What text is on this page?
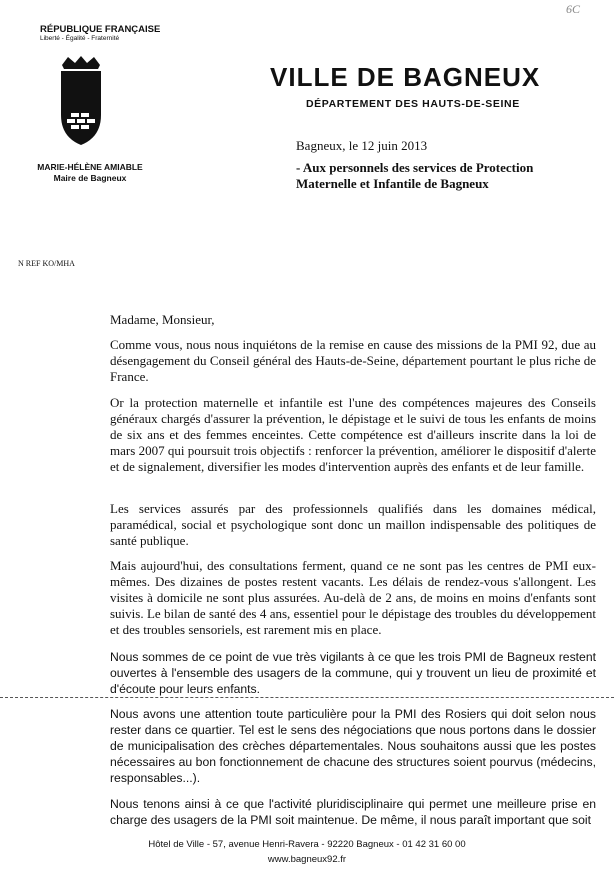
6C
RÉPUBLIQUE FRANÇAISE
Liberté - Égalité - Fraternité
MARIE-HÉLÈNE AMIABLE
Maire de Bagneux
VILLE DE BAGNEUX
DÉPARTEMENT DES HAUTS-DE-SEINE
Bagneux, le 12 juin 2013
- Aux personnels des services de Protection
Maternelle et Infantile de Bagneux
N REF KO/MHA
Madame, Monsieur,
Comme vous, nous nous inquiétons de la remise en cause des missions de la PMI 92, due au désengagement du Conseil général des Hauts-de-Seine, département pourtant le plus riche de France.
Or la protection maternelle et infantile est l'une des compétences majeures des Conseils généraux chargés d'assurer la prévention, le dépistage et le suivi de tous les enfants de moins de six ans et des femmes enceintes. Cette compétence est d'ailleurs inscrite dans la loi de mars 2007 qui poursuit trois objectifs : renforcer la prévention, améliorer le dispositif d'alerte et de signalement, diversifier les modes d'intervention auprès des enfants et de leur famille.
Les services assurés par des professionnels qualifiés dans les domaines médical, paramédical, social et psychologique sont donc un maillon indispensable des politiques de santé publique.
Mais aujourd'hui, des consultations ferment, quand ce ne sont pas les centres de PMI eux-mêmes. Des dizaines de postes restent vacants. Les délais de rendez-vous s'allongent. Les visites à domicile ne sont plus assurées. Au-delà de 2 ans, de moins en moins d'enfants sont suivis. Le bilan de santé des 4 ans, essentiel pour le dépistage des troubles du développement et des troubles sensoriels, est rarement mis en place.
Nous sommes de ce point de vue très vigilants à ce que les trois PMI de Bagneux restent ouvertes à l'ensemble des usagers de la commune, qui y trouvent un lieu de proximité et d'écoute pour leurs enfants.
Nous avons une attention toute particulière pour la PMI des Rosiers qui doit selon nous rester dans ce quartier. Tel est le sens des négociations que nous portons dans le dossier de municipalisation des crèches départementales. Nous souhaitons aussi que les postes nécessaires au bon fonctionnement de chacune des structures soient pourvus (médecins, responsables...).
Nous tenons ainsi à ce que l'activité pluridisciplinaire qui permet une meilleure prise en charge des usagers de la PMI soit maintenue. De même, il nous paraît important que soit
Hôtel de Ville - 57, avenue Henri-Ravera - 92220 Bagneux - 01 42 31 60 00
www.bagneux92.fr
